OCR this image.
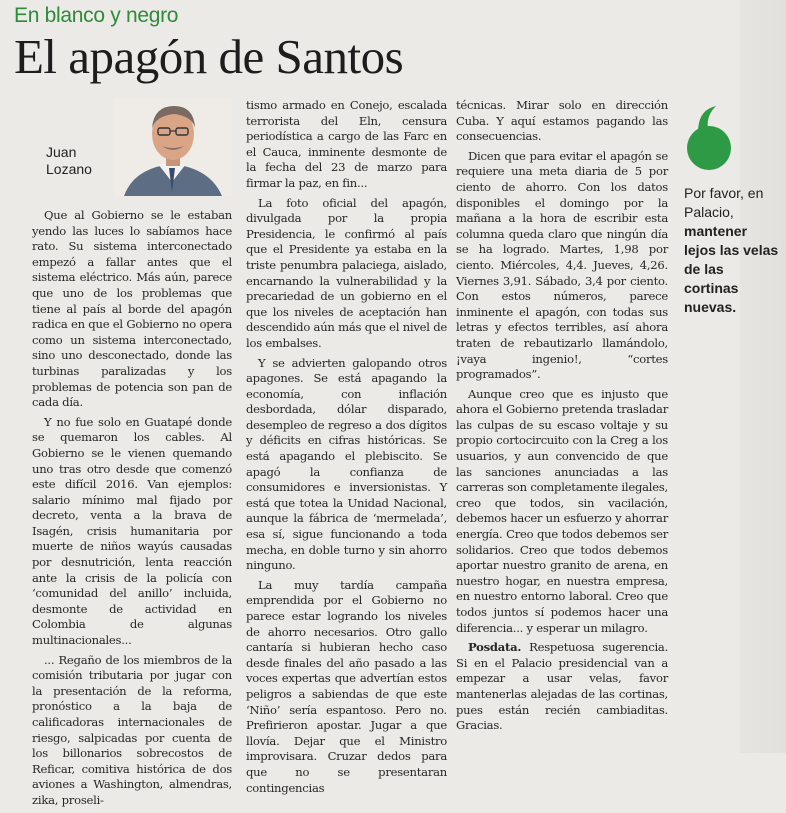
En blanco y negro
El apagón de Santos
Juan
Lozano

Que al Gobierno se le estaban yendo las luces lo sabíamos hace rato. Su sistema interconectado empezó a fallar antes que el sistema eléctrico. Más aún, parece que uno de los problemas que tiene al país al borde del apagón radica en que el Gobierno no opera como un sistema interconectado, sino uno desconectado, donde las turbinas paralizadas y los problemas de potencia son pan de cada día.

Y no fue solo en Guatapé donde se quemaron los cables. Al Gobierno se le vienen quemando uno tras otro desde que comenzó este difícil 2016. Van ejemplos: salario mínimo mal fijado por decreto, venta a la brava de Isagén, crisis humanitaria por muerte de niños wayús causadas por desnutrición, lenta reacción ante la crisis de la policía con ‘comunidad del anillo’ incluida, desmonte de actividad en Colombia de algunas multinacionales...

... Regaño de los miembros de la comisión tributaria por jugar con la presentación de la reforma, pronóstico a la baja de calificadoras internacionales de riesgo, salpicadas por cuenta de los billonarios sobrecostos de Reficar, comitiva histórica de dos aviones a Washington, almendras, zika, proseli-

tismo armado en Conejo, escalada terrorista del Eln, censura periodística a cargo de las Farc en el Cauca, inminente desmonte de la fecha del 23 de marzo para firmar la paz, en fin...

La foto oficial del apagón, divulgada por la propia Presidencia, le confirmó al país que el Presidente ya estaba en la triste penumbra palaciega, aislado, encarnando la vulnerabilidad y la precariedad de un gobierno en el que los niveles de aceptación han descendido aún más que el nivel de los embalses.

Y se advierten galopando otros apagones. Se está apagando la economía, con inflación desbordada, dólar disparado, desempleo de regreso a dos dígitos y déficits en cifras históricas. Se está apagando el plebiscito. Se apagó la confianza de consumidores e inversionistas. Y está que totea la Unidad Nacional, aunque la fábrica de ‘mermelada’, esa sí, sigue funcionando a toda mecha, en doble turno y sin ahorro ninguno.

La muy tardía campaña emprendida por el Gobierno no parece estar logrando los niveles de ahorro necesarios. Otro gallo cantaría si hubieran hecho caso desde finales del año pasado a las voces expertas que advertían estos peligros a sabiendas de que este ‘Niño’ sería espantoso. Pero no. Prefirieron apostar. Jugar a que llovía. Dejar que el Ministro improvisara. Cruzar dedos para que no se presentaran contingencias

técnicas. Mirar solo en dirección Cuba. Y aquí estamos pagando las consecuencias.

Dicen que para evitar el apagón se requiere una meta diaria de 5 por ciento de ahorro. Con los datos disponibles el domingo por la mañana a la hora de escribir esta columna queda claro que ningún día se ha logrado. Martes, 1,98 por ciento. Miércoles, 4,4. Jueves, 4,26. Viernes 3,91. Sábado, 3,4 por ciento. Con estos números, parece inminente el apagón, con todas sus letras y efectos terribles, así ahora traten de rebautizarlo llamándolo, ¡vaya ingenio!, “cortes programados”.

Aunque creo que es injusto que ahora el Gobierno pretenda trasladar las culpas de su escaso voltaje y su propio cortocircuito con la Creg a los usuarios, y aun convencido de que las sanciones anunciadas a las carreras son completamente ilegales, creo que todos, sin vacilación, debemos hacer un esfuerzo y ahorrar energía. Creo que todos debemos ser solidarios. Creo que todos debemos aportar nuestro granito de arena, en nuestro hogar, en nuestra empresa, en nuestro entorno laboral. Creo que todos juntos sí podemos hacer una diferencia... y esperar un milagro.

Posdata. Respetuosa sugerencia. Si en el Palacio presidencial van a empezar a usar velas, favor mantenerlas alejadas de las cortinas, pues están recién cambiaditas. Gracias.

Por favor, en Palacio, mantener lejos las velas de las cortinas nuevas.
